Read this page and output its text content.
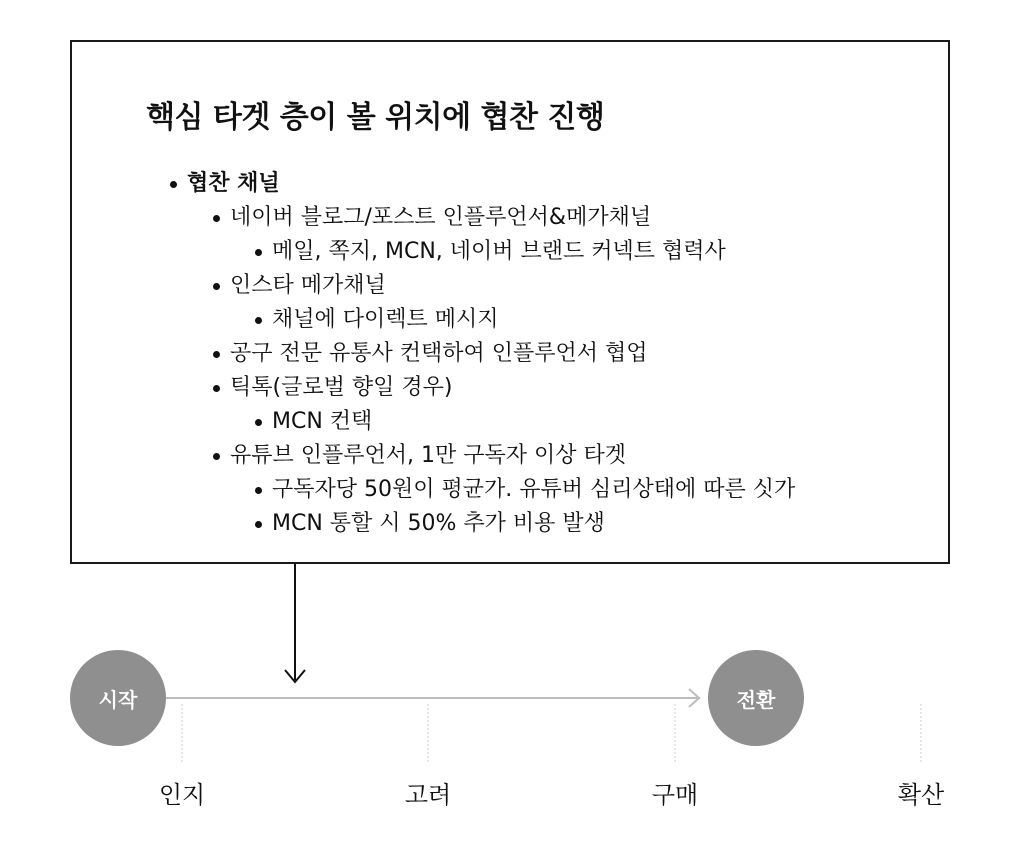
핵심 타겟 층이 볼 위치에 협찬 진행
협찬 채널
네이버 블로그/포스트 인플루언서&메가채널
메일, 쪽지, MCN, 네이버 브랜드 커넥트 협력사
인스타 메가채널
채널에 다이렉트 메시지
공구 전문 유통사 컨택하여 인플루언서 협업
틱톡(글로벌 향일 경우)
MCN 컨택
유튜브 인플루언서, 1만 구독자 이상 타겟
구독자당 50원이 평균가. 유튜버 심리상태에 따른 싯가
MCN 통할 시 50% 추가 비용 발생
시작	전환
인지	고려	구매	확산
